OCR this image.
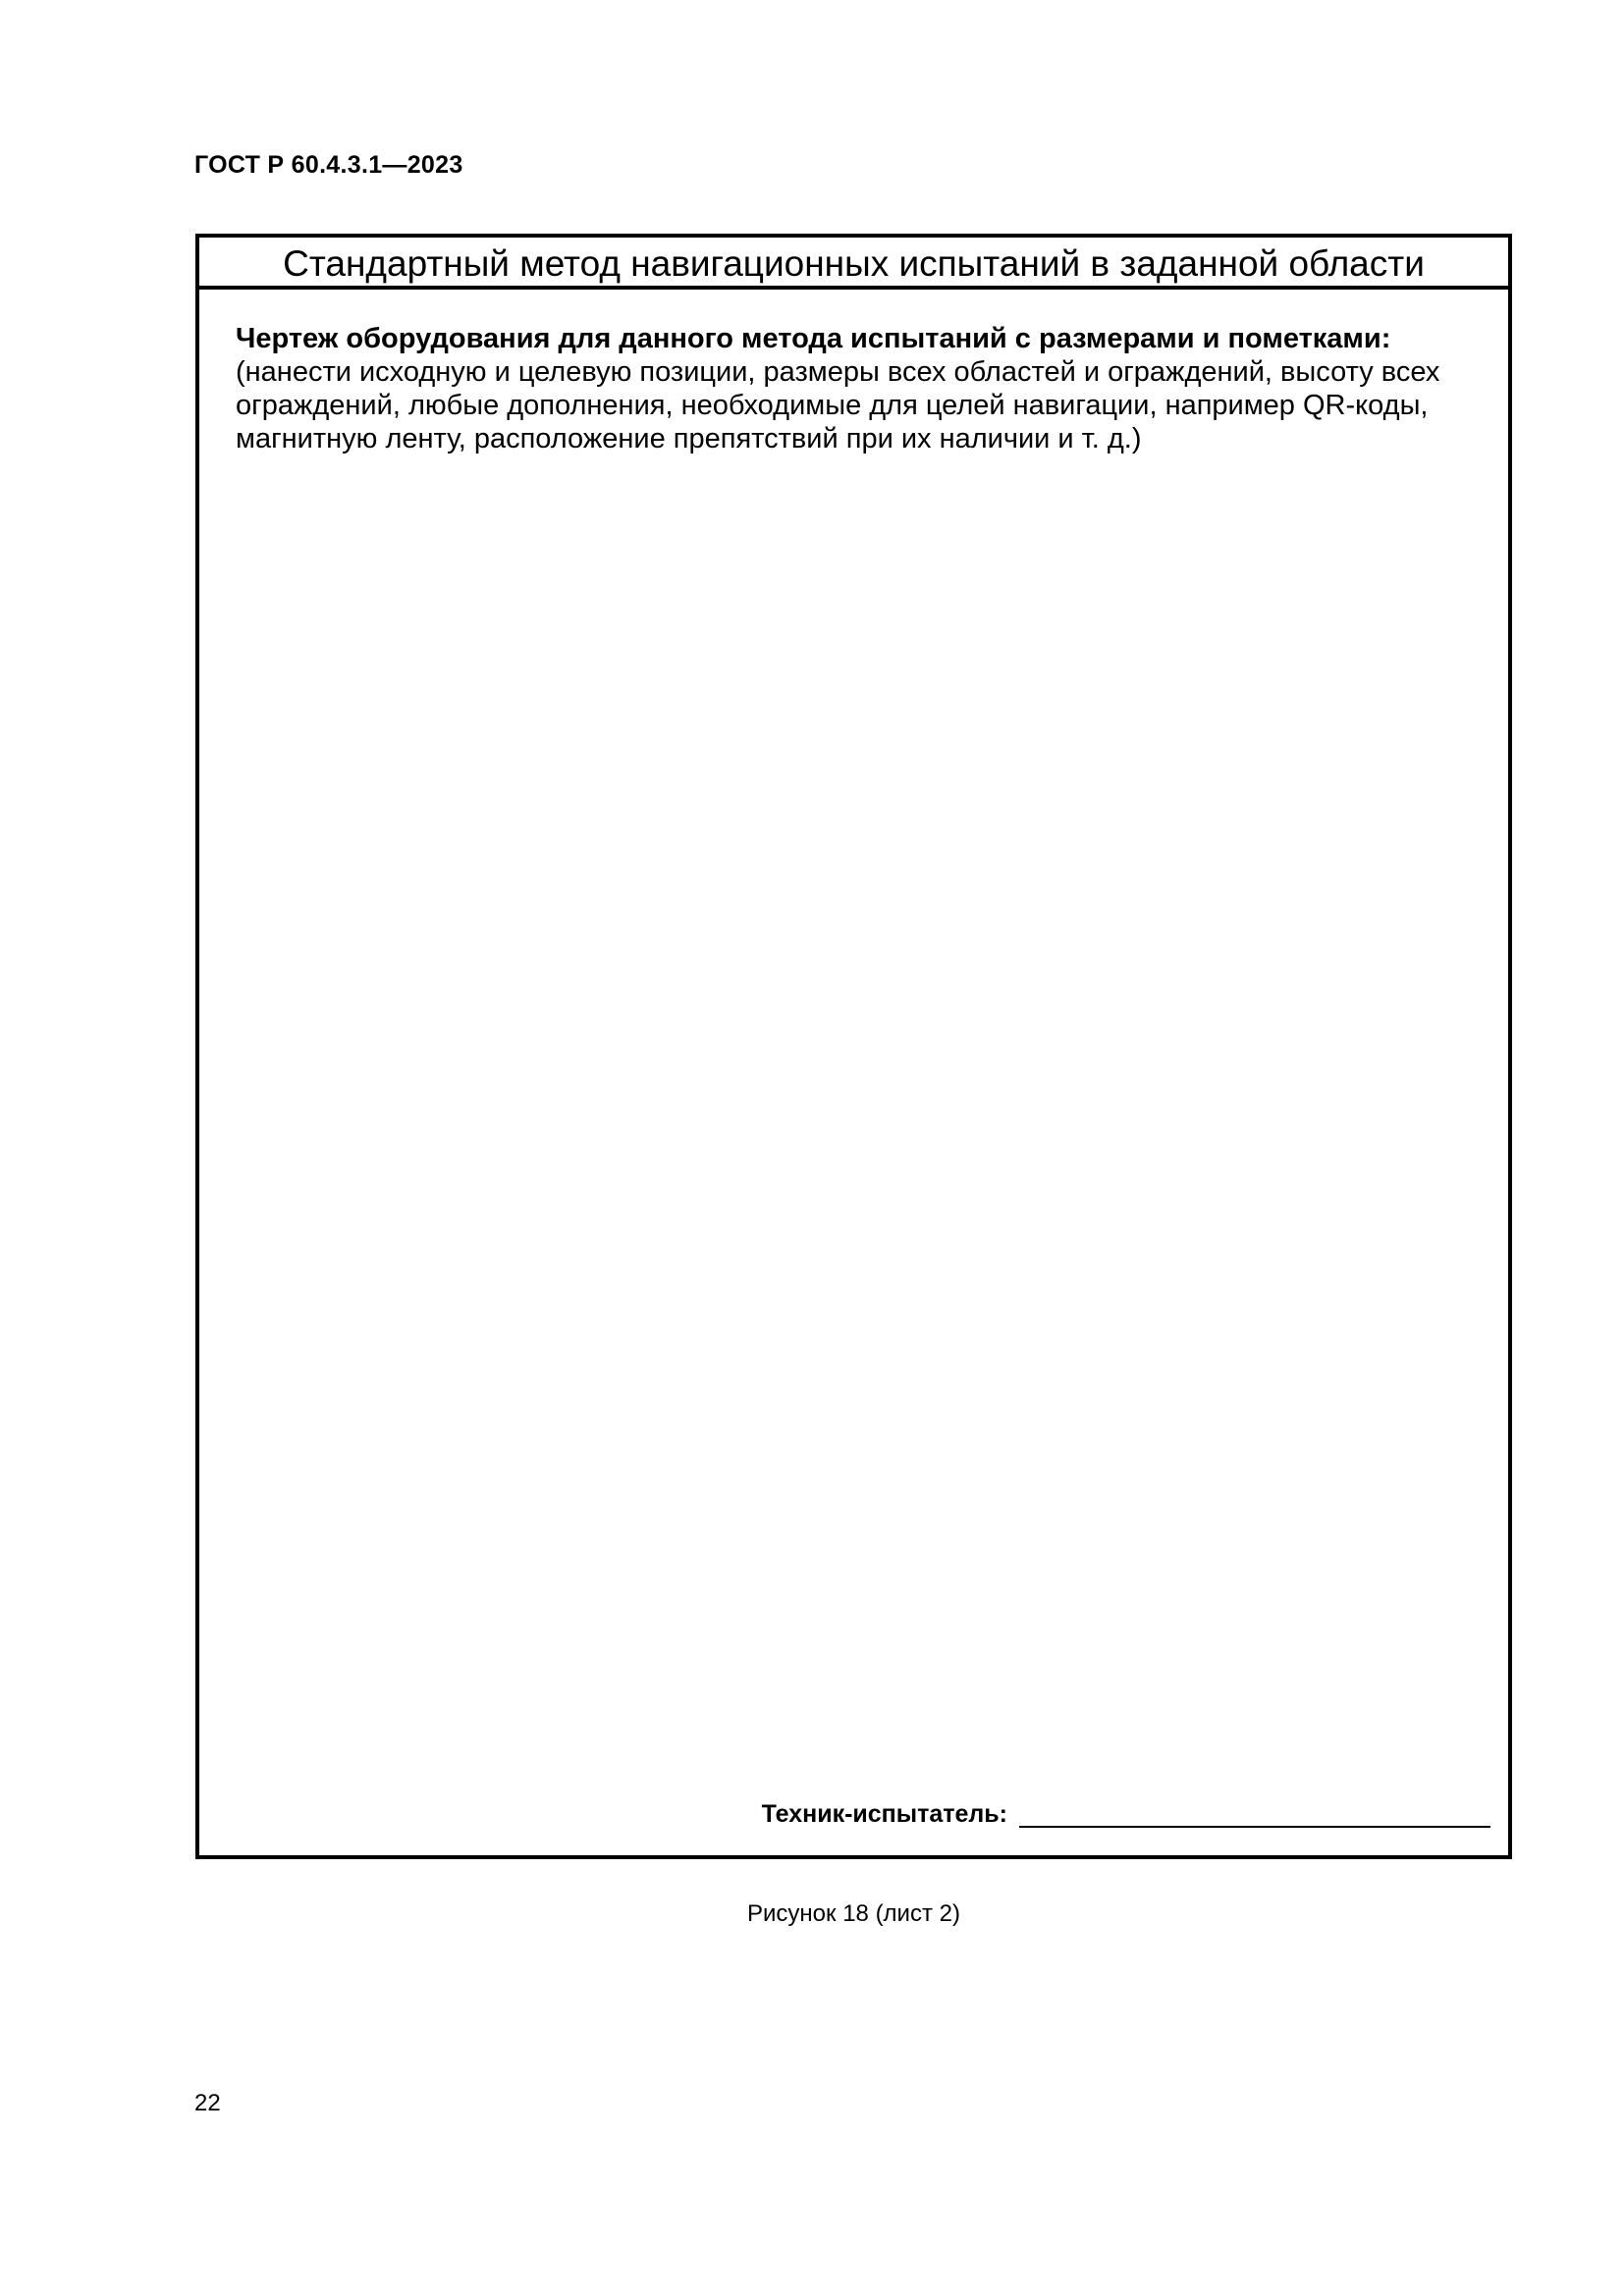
ГОСТ Р 60.4.3.1—2023
Стандартный метод навигационных испытаний в заданной области
Чертеж оборудования для данного метода испытаний с размерами и пометками:
(нанести исходную и целевую позиции, размеры всех областей и ограждений, высоту всех ограждений, любые дополнения, необходимые для целей навигации, например QR-коды, магнитную ленту, расположение препятствий при их наличии и т. д.)
Техник-испытатель:
Рисунок 18 (лист 2)
22
